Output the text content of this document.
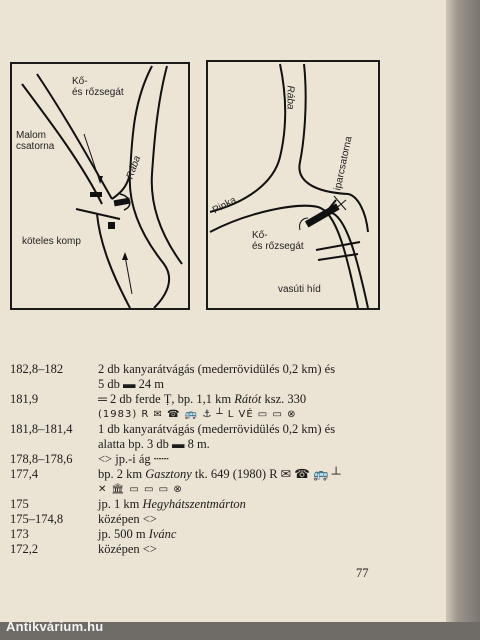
Kő-
és rőzsegát
Malom
csatorna
Rába
köteles komp
Rába
Pinka
iparcsatorna
Kő-
és rőzsegát
vasúti híd
182,8–182	2 db kanyarátvágás (mederrövidülés 0,2 km) és
5 db ▬ 24 m
181,9	═ 2 db ferde Ṭ, bp. 1,1 km Rátót ksz. 330
(1983) R ✉ ☎ 🚌 ⚓ ┴ L VÉ ▭ ▭ ⊗
181,8–181,4	1 db kanyarátvágás (mederrövidülés 0,2 km) és
alatta bp. 3 db ▬ 8 m.
178,8–178,6	<> jp.-i ág ┄┄
177,4	bp. 2 km Gasztony tk. 649 (1980) R ✉ ☎ 🚌 ┴
✕ 🏛 ▭ ▭ ▭ ⊗
175	jp. 1 km Hegyhátszentmárton
175–174,8	középen <>
173	jp. 500 m Ivánc
172,2	középen <>
77
Antikvárium.hu
